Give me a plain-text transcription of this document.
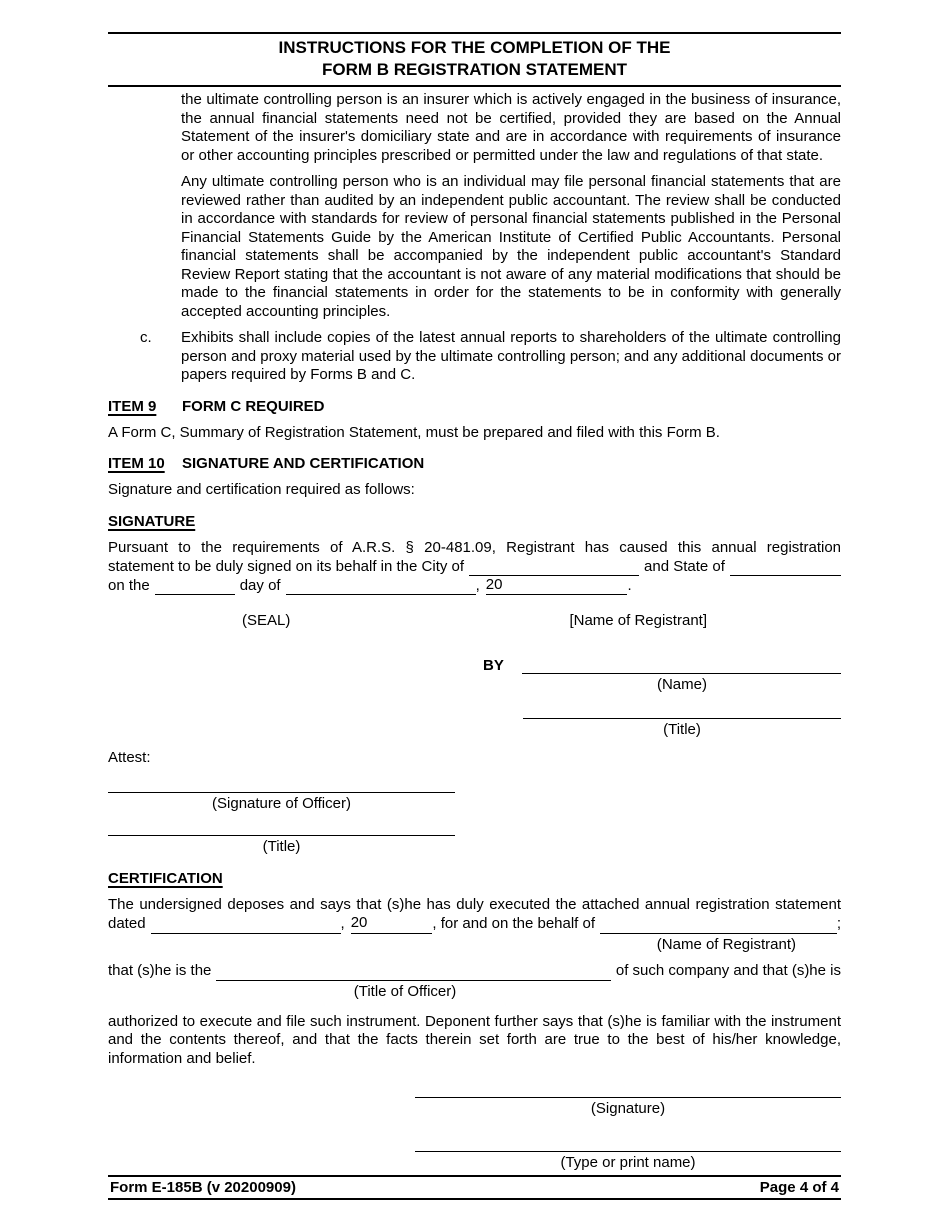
INSTRUCTIONS FOR THE COMPLETION OF THE
FORM B REGISTRATION STATEMENT

the ultimate controlling person is an insurer which is actively engaged in the business of insurance, the annual financial statements need not be certified, provided they are based on the Annual Statement of the insurer's domiciliary state and are in accordance with requirements of insurance or other accounting principles prescribed or permitted under the law and regulations of that state.

Any ultimate controlling person who is an individual may file personal financial statements that are reviewed rather than audited by an independent public accountant. The review shall be conducted in accordance with standards for review of personal financial statements published in the Personal Financial Statements Guide by the American Institute of Certified Public Accountants. Personal financial statements shall be accompanied by the independent public accountant's Standard Review Report stating that the accountant is not aware of any material modifications that should be made to the financial statements in order for the statements to be in conformity with generally accepted accounting principles.

c.	Exhibits shall include copies of the latest annual reports to shareholders of the ultimate controlling person and proxy material used by the ultimate controlling person; and any additional documents or papers required by Forms B and C.

ITEM 9 FORM C REQUIRED

A Form C, Summary of Registration Statement, must be prepared and filed with this Form B.

ITEM 10 SIGNATURE AND CERTIFICATION

Signature and certification required as follows:

SIGNATURE
Pursuant to the requirements of A.R.S. § 20-481.09, Registrant has caused this annual registration
statement to be duly signed on its behalf in the City of	and State of
on the	day of	, 20	.
(SEAL)	[Name of Registrant]
BY
(Name)
(Title)
Attest:
(Signature of Officer)
(Title)
CERTIFICATION
The undersigned deposes and says that (s)he has duly executed the attached annual registration statement
dated	, 20	, for and on the behalf of	;
(Name of Registrant)
that (s)he is the	of such company and that (s)he is
(Title of Officer)

authorized to execute and file such instrument. Deponent further says that (s)he is familiar with the instrument and the contents thereof, and that the facts therein set forth are true to the best of his/her knowledge, information and belief.

(Signature)
(Type or print name)
Form E-185B (v 20200909)	Page 4 of 4
